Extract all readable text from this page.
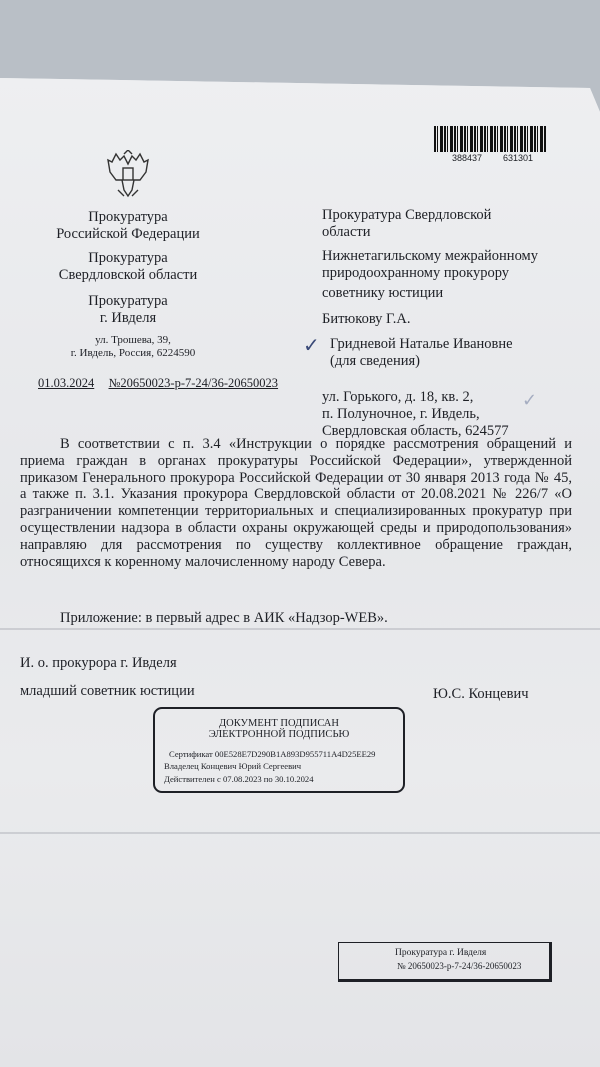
388437 631301
Прокуратура
Российской Федерации
Прокуратура
Свердловской области
Прокуратура
г. Ивделя
ул. Трошева, 39,
г. Ивдель, Россия, 6224590
01.03.2024 №20650023-р-7-24/36-20650023
Прокуратура Свердловской
области
Нижнетагильскому межрайонному
природоохранному прокурору
советнику юстиции
Битюкову Г.А.
✓ Гридневой Наталье Ивановне
(для сведения)
ул. Горького, д. 18, кв. 2,
п. Полуночное, г. Ивдель,
Свердловская область, 624577
✓

В соответствии с п. 3.4 «Инструкции о порядке рассмотрения обращений и приема граждан в органах прокуратуры Российской Федерации», утвержденной приказом Генерального прокурора Российской Федерации от 30 января 2013 года № 45, а также п. 3.1. Указания прокурора Свердловской области от 20.08.2021 № 226/7 «О разграничении компетенции территориальных и специализированных прокуратур при осуществлении надзора в области охраны окружающей среды и природопользования» направляю для рассмотрения по существу коллективное обращение граждан, относящихся к коренному малочисленному народу Севера.

Приложение: в первый адрес в АИК «Надзор-WEB».
И. о. прокурора г. Ивделя
младший советник юстиции	Ю.С. Концевич
ДОКУМЕНТ ПОДПИСАН
ЭЛЕКТРОННОЙ ПОДПИСЬЮ
Сертификат 00E528E7D290B1A893D955711A4D25EE29
Владелец Концевич Юрий Сергеевич
Действителен с 07.08.2023 по 30.10.2024
Прокуратура г. Ивделя
№ 20650023-р-7-24/36-20650023
